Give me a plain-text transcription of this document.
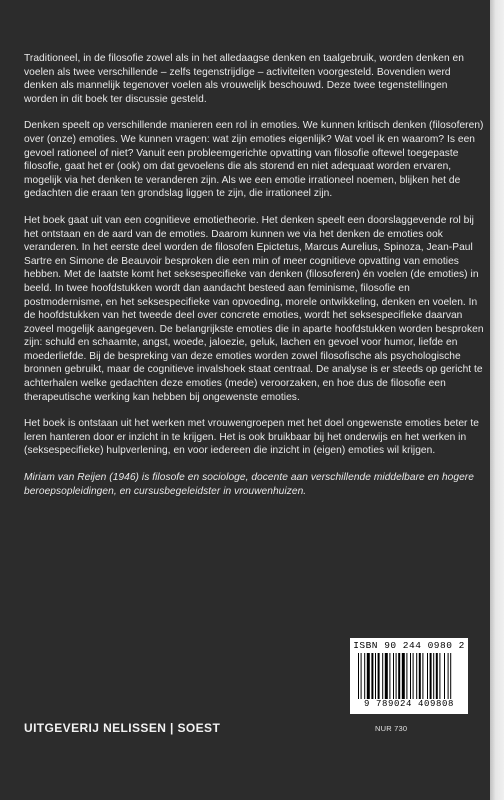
Traditioneel, in de filosofie zowel als in het alledaagse denken en taalgebruik, worden denken en voelen als twee verschillende – zelfs tegenstrijdige – activiteiten voorgesteld. Bovendien werd denken als mannelijk tegenover voelen als vrouwelijk beschouwd. Deze twee tegenstellingen worden in dit boek ter discussie gesteld.

Denken speelt op verschillende manieren een rol in emoties. We kunnen kritisch denken (filosoferen) over (onze) emoties. We kunnen vragen: wat zijn emoties eigenlijk? Wat voel ik en waarom? Is een gevoel rationeel of niet? Vanuit een probleemgerichte opvatting van filosofie oftewel toegepaste filosofie, gaat het er (ook) om dat gevoelens die als storend en niet adequaat worden ervaren, mogelijk via het denken te veranderen zijn. Als we een emotie irrationeel noemen, blijken het de gedachten die eraan ten grondslag liggen te zijn, die irrationeel zijn.

Het boek gaat uit van een cognitieve emotietheorie. Het denken speelt een doorslaggevende rol bij het ontstaan en de aard van de emoties. Daarom kunnen we via het denken de emoties ook veranderen. In het eerste deel worden de filosofen Epictetus, Marcus Aurelius, Spinoza, Jean-Paul Sartre en Simone de Beauvoir besproken die een min of meer cognitieve opvatting van emoties hebben. Met de laatste komt het seksespecifieke van denken (filosoferen) én voelen (de emoties) in beeld. In twee hoofdstukken wordt dan aandacht besteed aan feminisme, filosofie en postmodernisme, en het seksespecifieke van opvoeding, morele ontwikkeling, denken en voelen. In de hoofdstukken van het tweede deel over concrete emoties, wordt het seksespecifieke daarvan zoveel mogelijk aangegeven. De belangrijkste emoties die in aparte hoofdstukken worden besproken zijn: schuld en schaamte, angst, woede, jaloezie, geluk, lachen en gevoel voor humor, liefde en moederliefde. Bij de bespreking van deze emoties worden zowel filosofische als psychologische bronnen gebruikt, maar de cognitieve invalshoek staat centraal. De analyse is er steeds op gericht te achterhalen welke gedachten deze emoties (mede) veroorzaken, en hoe dus de filosofie een therapeutische werking kan hebben bij ongewenste emoties.

Het boek is ontstaan uit het werken met vrouwengroepen met het doel ongewenste emoties beter te leren hanteren door er inzicht in te krijgen. Het is ook bruikbaar bij het onderwijs en het werken in (seksespecifieke) hulpverlening, en voor iedereen die inzicht in (eigen) emoties wil krijgen.

Miriam van Reijen (1946) is filosofe en sociologe, docente aan verschillende middelbare en hogere beroepsopleidingen, en cursusbegeleidster in vrouwenhuizen.

ISBN 90 244 0980 2
9 789024 409808
UITGEVERIJ NELISSEN | SOEST	NUR 730
